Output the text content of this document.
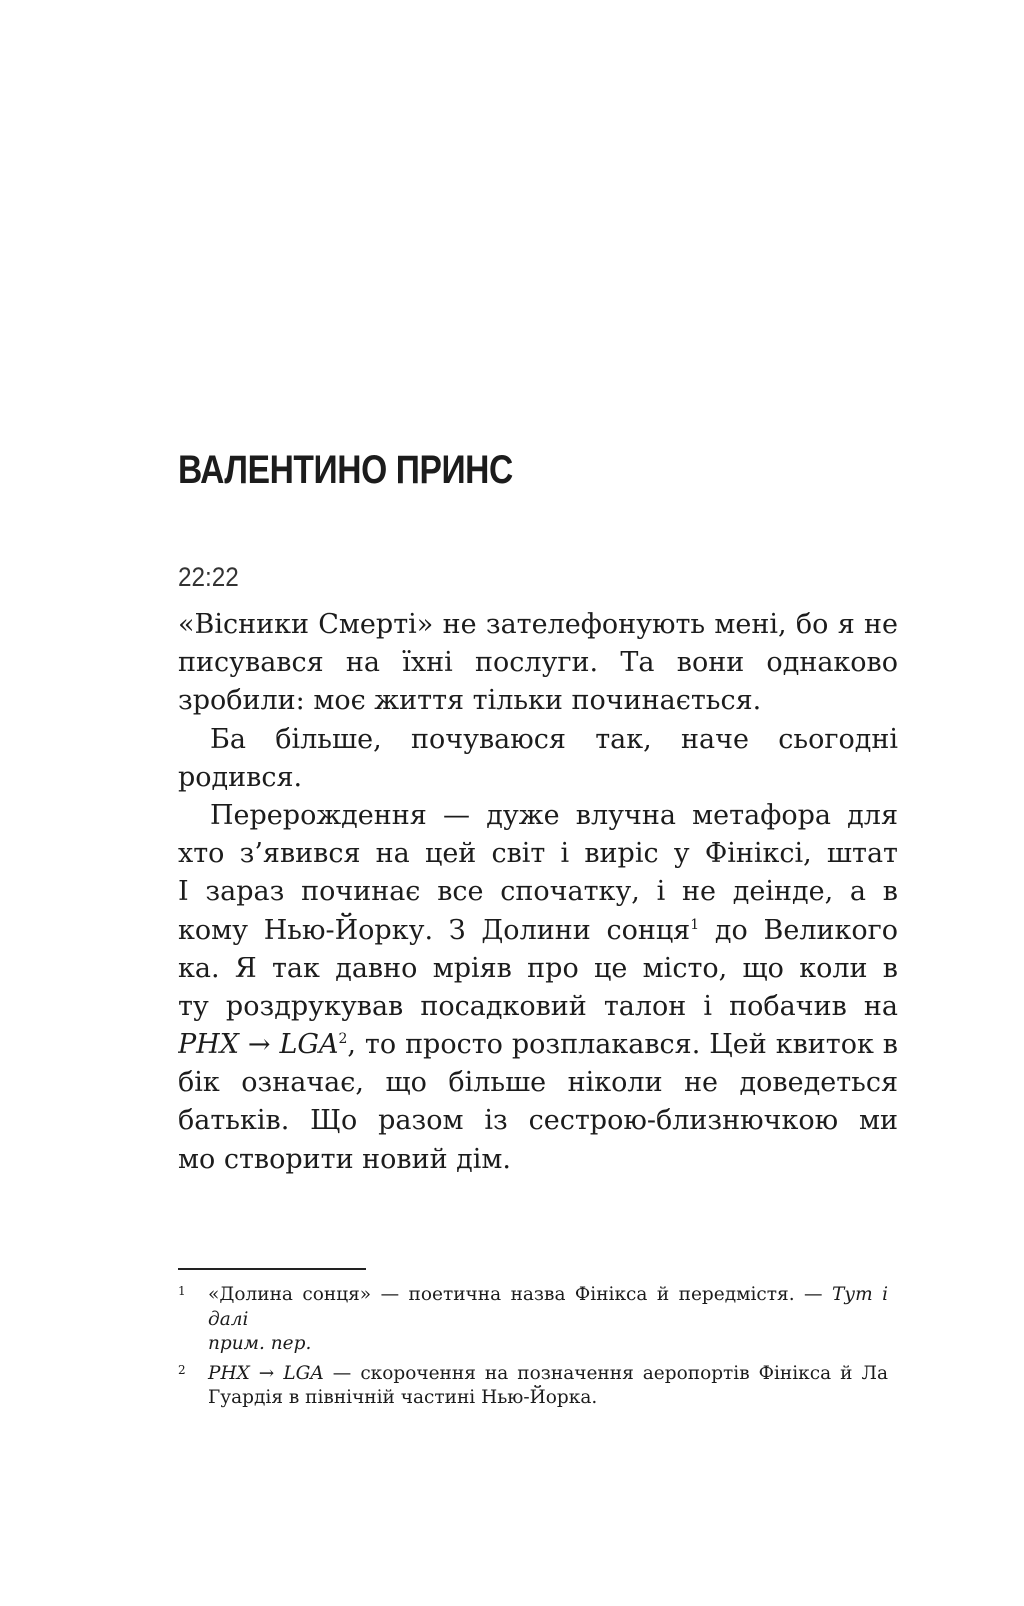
ВАЛЕНТИНО ПРИНС
22:22
«Вісники Смерті» не зателефонують мені, бо я не
писувався на їхні послуги. Та вони однаково
зробили: моє життя тільки починається.
Ба більше, почуваюся так, наче сьогодні
родився.
Перерождення — дуже влучна метафора для
хто з’явився на цей світ і виріс у Фініксі, штат
І зараз починає все спочатку, і не деінде, а в
кому Нью-Йорку. З Долини сонця$^1$ до Великого
ка. Я так давно мріяв про це місто, що коли в
ту роздрукував посадковий талон і побачив на
PHX → $LGA^2$, то просто розплакався. Цей квиток в
бік означає, що більше ніколи не доведеться
батьків. Що разом із сестрою-близнючкою ми
мо створити новий дім.
1	«Долина сонця» — поетична назва Фінікса й передмістя. — Тут і далі
прим. пер.
2	PHX → LGA — скорочення на позначення аеропортів Фінікса й Ла
Гуардія в північній частині Нью-Йорка.
